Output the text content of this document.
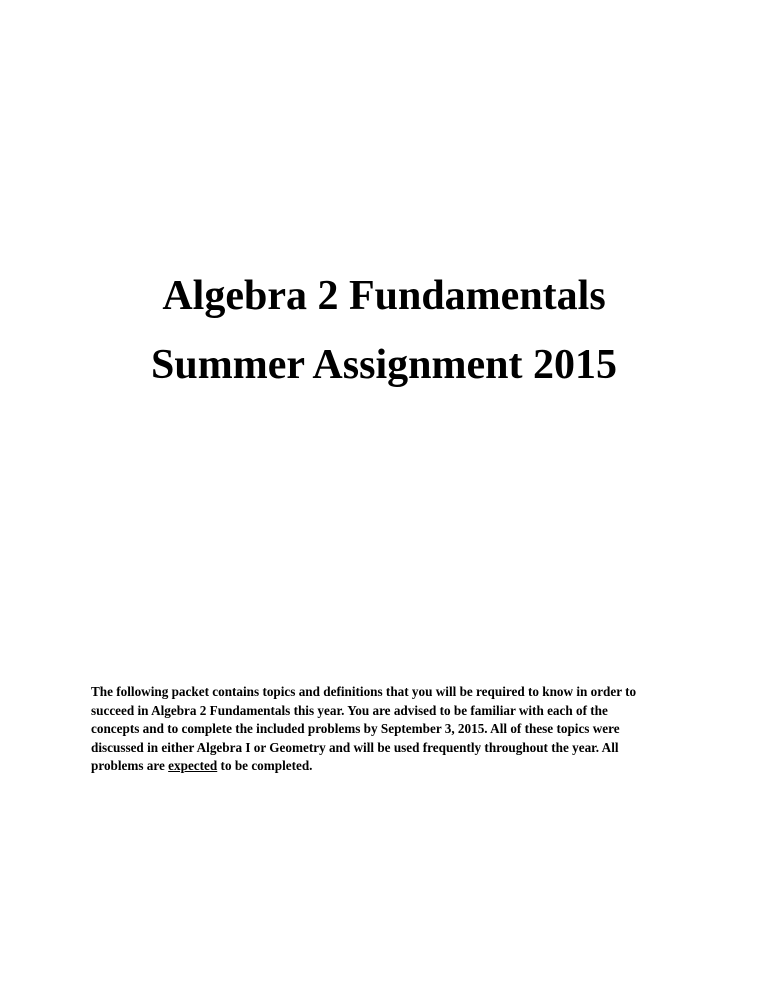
Algebra 2 Fundamentals

Summer Assignment 2015

The following packet contains topics and definitions that you will be required to know in order to
succeed in Algebra 2 Fundamentals this year. You are advised to be familiar with each of the
concepts and to complete the included problems by September 3, 2015. All of these topics were
discussed in either Algebra I or Geometry and will be used frequently throughout the year. All
problems are expected to be completed.
